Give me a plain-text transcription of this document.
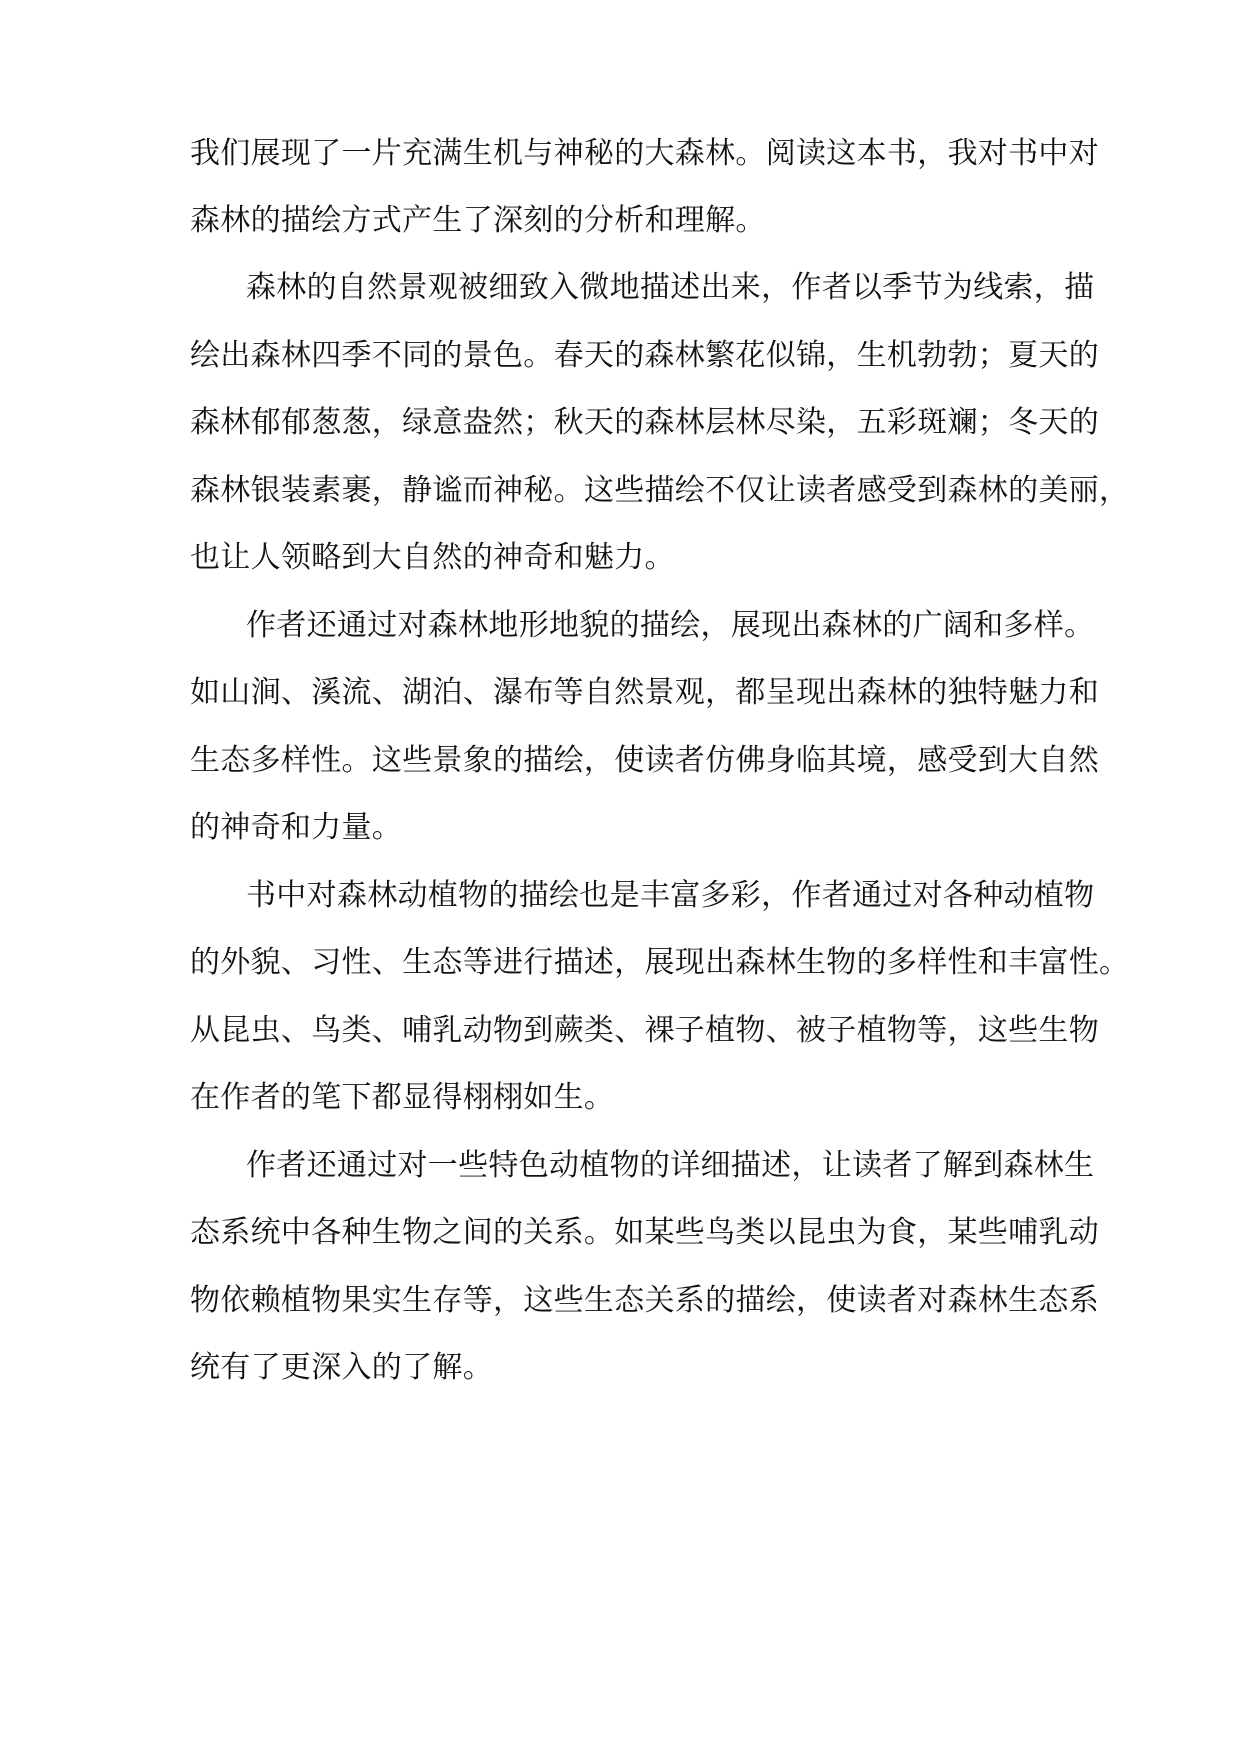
我们展现了一片充满生机与神秘的大森林。阅读这本书，我对书中对

森林的描绘方式产生了深刻的分析和理解。

森林的自然景观被细致入微地描述出来，作者以季节为线索，描

绘出森林四季不同的景色。春天的森林繁花似锦，生机勃勃；夏天的

森林郁郁葱葱，绿意盎然；秋天的森林层林尽染，五彩斑斓；冬天的

森林银装素裹，静谧而神秘。这些描绘不仅让读者感受到森林的美丽，

也让人领略到大自然的神奇和魅力。

作者还通过对森林地形地貌的描绘，展现出森林的广阔和多样。

如山涧、溪流、湖泊、瀑布等自然景观，都呈现出森林的独特魅力和

生态多样性。这些景象的描绘，使读者仿佛身临其境，感受到大自然

的神奇和力量。

书中对森林动植物的描绘也是丰富多彩，作者通过对各种动植物

的外貌、习性、生态等进行描述，展现出森林生物的多样性和丰富性。

从昆虫、鸟类、哺乳动物到蕨类、裸子植物、被子植物等，这些生物

在作者的笔下都显得栩栩如生。

作者还通过对一些特色动植物的详细描述，让读者了解到森林生

态系统中各种生物之间的关系。如某些鸟类以昆虫为食，某些哺乳动

物依赖植物果实生存等，这些生态关系的描绘，使读者对森林生态系

统有了更深入的了解。
